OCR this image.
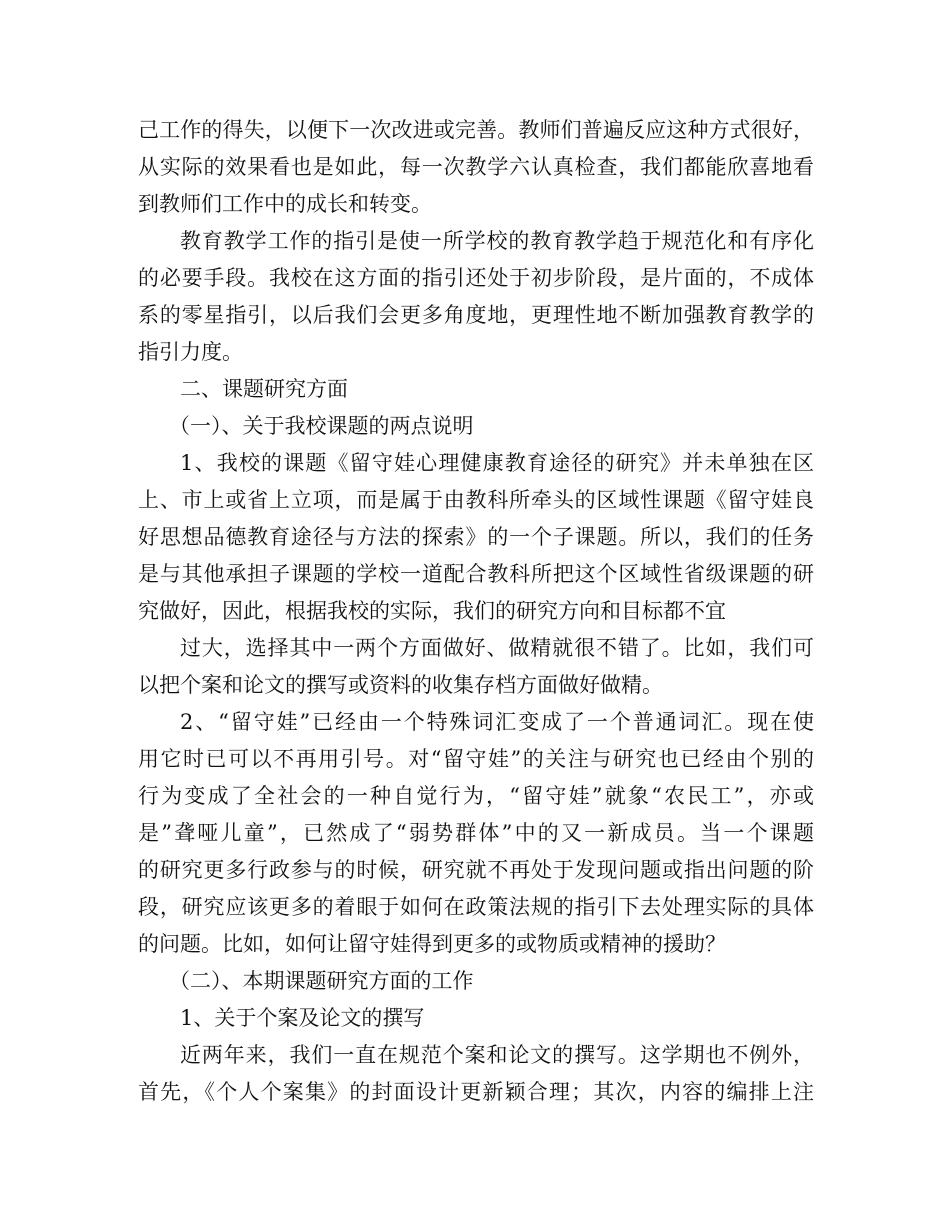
己工作的得失，以便下一次改进或完善。教师们普遍反应这种方式很好，
从实际的效果看也是如此，每一次教学六认真检查，我们都能欣喜地看
到教师们工作中的成长和转变。
教育教学工作的指引是使一所学校的教育教学趋于规范化和有序化
的必要手段。我校在这方面的指引还处于初步阶段，是片面的，不成体
系的零星指引，以后我们会更多角度地，更理性地不断加强教育教学的
指引力度。
二、课题研究方面
（一）、关于我校课题的两点说明
1、我校的课题《留守娃心理健康教育途径的研究》并未单独在区
上、市上或省上立项，而是属于由教科所牵头的区域性课题《留守娃良
好思想品德教育途径与方法的探索》的一个子课题。所以，我们的任务
是与其他承担子课题的学校一道配合教科所把这个区域性省级课题的研
究做好，因此，根据我校的实际，我们的研究方向和目标都不宜
过大，选择其中一两个方面做好、做精就很不错了。比如，我们可
以把个案和论文的撰写或资料的收集存档方面做好做精。
2、“留守娃”已经由一个特殊词汇变成了一个普通词汇。现在使
用它时已可以不再用引号。对“留守娃”的关注与研究也已经由个别的
行为变成了全社会的一种自觉行为，“留守娃”就象“农民工”，亦或
是”聋哑儿童”，已然成了“弱势群体”中的又一新成员。当一个课题
的研究更多行政参与的时候，研究就不再处于发现问题或指出问题的阶
段，研究应该更多的着眼于如何在政策法规的指引下去处理实际的具体
的问题。比如，如何让留守娃得到更多的或物质或精神的援助？
（二）、本期课题研究方面的工作
1、关于个案及论文的撰写
近两年来，我们一直在规范个案和论文的撰写。这学期也不例外，
首先，《个人个案集》的封面设计更新颖合理；其次，内容的编排上注
